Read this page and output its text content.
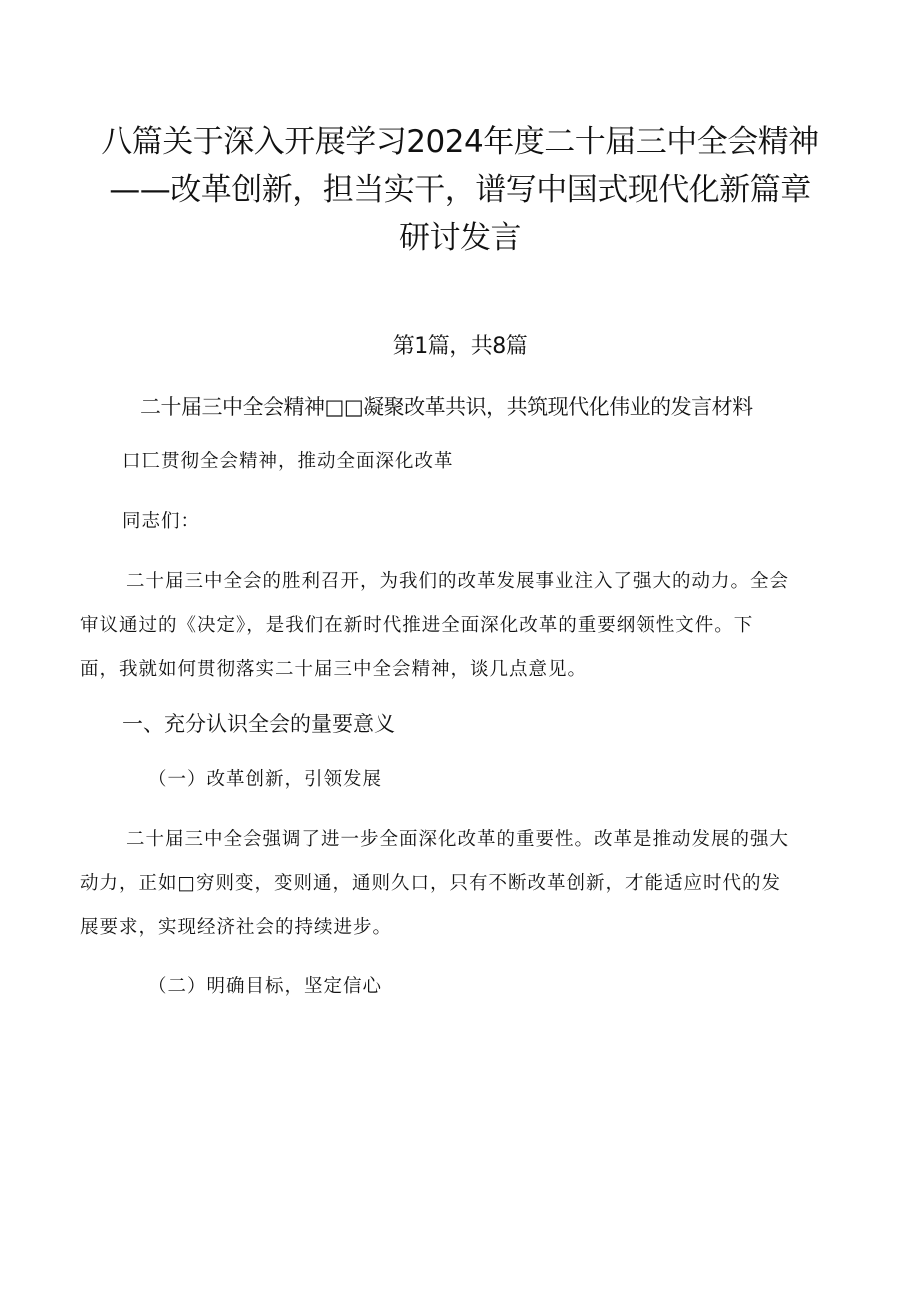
八篇关于深入开展学习2024年度二十届三中全会精神
——改革创新，担当实干，谱写中国式现代化新篇章
研讨发言
第1篇，共8篇
二十届三中全会精神□□凝聚改革共识，共筑现代化伟业的发言材料
口匸贯彻全会精神，推动全面深化改革
同志们：

二十届三中全会的胜利召开，为我们的改革发展事业注入了强大的动力。全会
审议通过的《决定》，是我们在新时代推进全面深化改革的重要纲领性文件。下
面，我就如何贯彻落实二十届三中全会精神，谈几点意见。

一、充分认识全会的量要意义
（一）改革创新，引领发展

二十届三中全会强调了进一步全面深化改革的重要性。改革是推动发展的强大
动力，正如□穷则变，变则通，通则久口，只有不断改革创新，才能适应时代的发
展要求，实现经济社会的持续进步。

（二）明确目标，坚定信心
